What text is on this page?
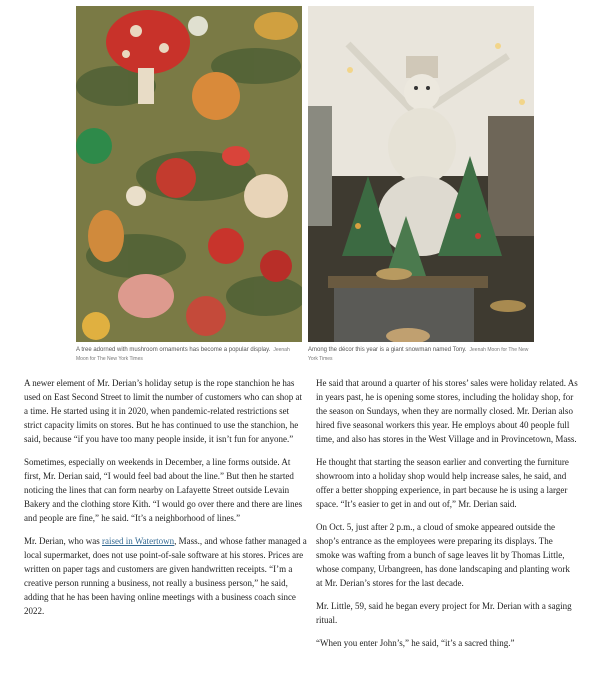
A tree adorned with mushroom ornaments has become a popular display. Jeenah Moon for The New York Times
Among the décor this year is a giant snowman named Tony. Jeenah Moon for The New York Times

A newer element of Mr. Derian’s holiday setup is the rope stanchion he has used on East Second Street to limit the number of customers who can shop at a time. He started using it in 2020, when pandemic-related restrictions set strict capacity limits on stores. But he has continued to use the stanchion, he said, because “if you have too many people inside, it isn’t fun for anyone.”

Sometimes, especially on weekends in December, a line forms outside. At first, Mr. Derian said, “I would feel bad about the line.” But then he started noticing the lines that can form nearby on Lafayette Street outside Levain Bakery and the clothing store Kith. “I would go over there and there are lines and people are fine,” he said. “It’s a neighborhood of lines.”

Mr. Derian, who was raised in Watertown, Mass., and whose father managed a local supermarket, does not use point-of-sale software at his stores. Prices are written on paper tags and customers are given handwritten receipts. “I’m a creative person running a business, not really a business person,” he said, adding that he has been having online meetings with a business coach since 2022.

He said that around a quarter of his stores’ sales were holiday related. As in years past, he is opening some stores, including the holiday shop, for the season on Sundays, when they are normally closed. Mr. Derian also hired five seasonal workers this year. He employs about 40 people full time, and also has stores in the West Village and in Provincetown, Mass.

He thought that starting the season earlier and converting the furniture showroom into a holiday shop would help increase sales, he said, and offer a better shopping experience, in part because he is using a larger space. “It’s easier to get in and out of,” Mr. Derian said.

On Oct. 5, just after 2 p.m., a cloud of smoke appeared outside the shop’s entrance as the employees were preparing its displays. The smoke was wafting from a bunch of sage leaves lit by Thomas Little, whose company, Urbangreen, has done landscaping and planting work at Mr. Derian’s stores for the last decade.

Mr. Little, 59, said he began every project for Mr. Derian with a saging ritual.

“When you enter John’s,” he said, “it’s a sacred thing.”
